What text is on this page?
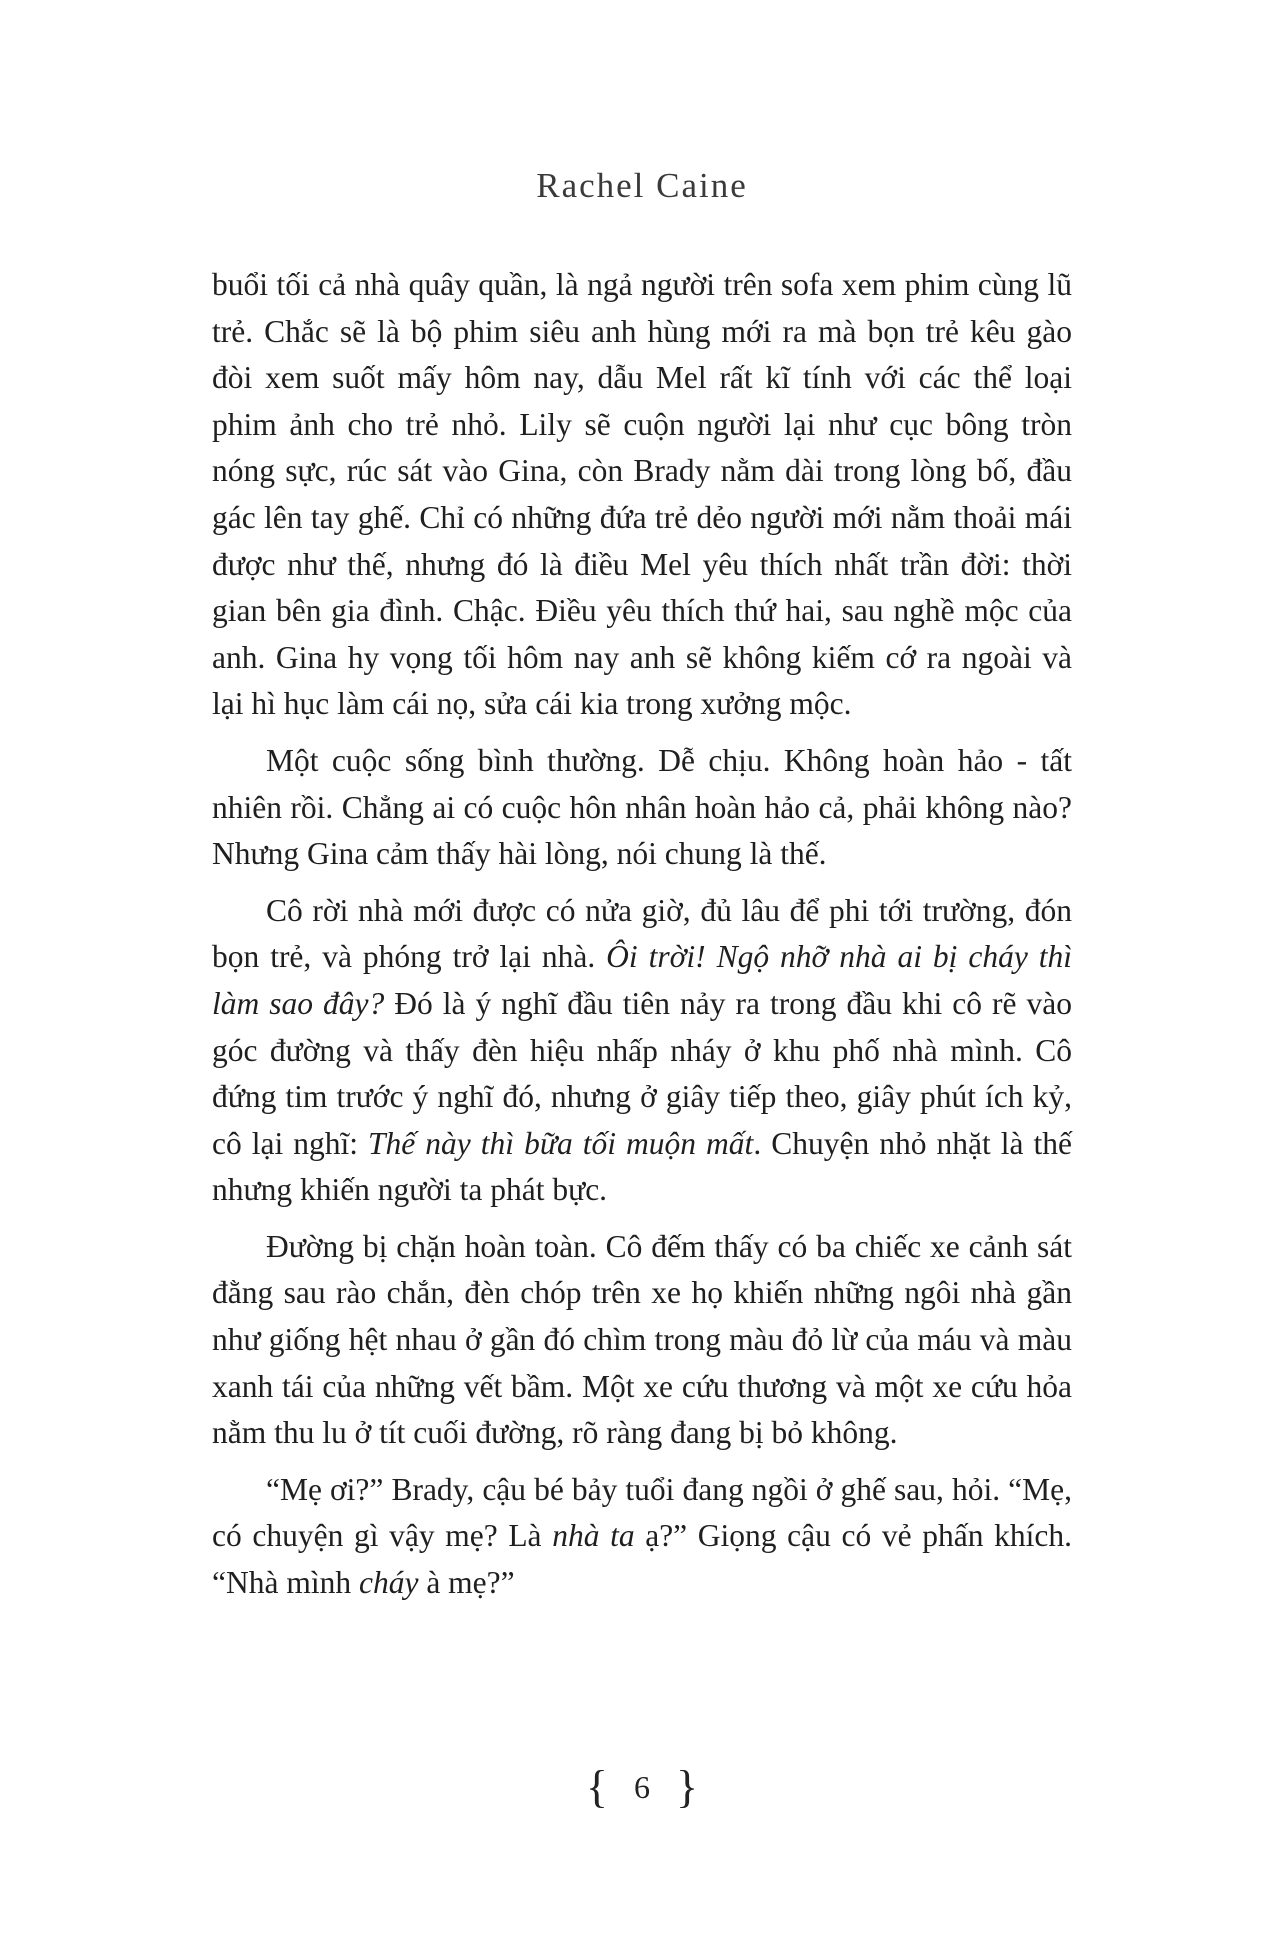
Rachel Caine

buổi tối cả nhà quây quần, là ngả người trên sofa xem phim cùng lũ trẻ. Chắc sẽ là bộ phim siêu anh hùng mới ra mà bọn trẻ kêu gào đòi xem suốt mấy hôm nay, dẫu Mel rất kĩ tính với các thể loại phim ảnh cho trẻ nhỏ. Lily sẽ cuộn người lại như cục bông tròn nóng sực, rúc sát vào Gina, còn Brady nằm dài trong lòng bố, đầu gác lên tay ghế. Chỉ có những đứa trẻ dẻo người mới nằm thoải mái được như thế, nhưng đó là điều Mel yêu thích nhất trần đời: thời gian bên gia đình. Chậc. Điều yêu thích thứ hai, sau nghề mộc của anh. Gina hy vọng tối hôm nay anh sẽ không kiếm cớ ra ngoài và lại hì hục làm cái nọ, sửa cái kia trong xưởng mộc.

Một cuộc sống bình thường. Dễ chịu. Không hoàn hảo - tất nhiên rồi. Chẳng ai có cuộc hôn nhân hoàn hảo cả, phải không nào? Nhưng Gina cảm thấy hài lòng, nói chung là thế.

Cô rời nhà mới được có nửa giờ, đủ lâu để phi tới trường, đón bọn trẻ, và phóng trở lại nhà. Ôi trời! Ngộ nhỡ nhà ai bị cháy thì làm sao đây? Đó là ý nghĩ đầu tiên nảy ra trong đầu khi cô rẽ vào góc đường và thấy đèn hiệu nhấp nháy ở khu phố nhà mình. Cô đứng tim trước ý nghĩ đó, nhưng ở giây tiếp theo, giây phút ích kỷ, cô lại nghĩ: Thế này thì bữa tối muộn mất. Chuyện nhỏ nhặt là thế nhưng khiến người ta phát bực.

Đường bị chặn hoàn toàn. Cô đếm thấy có ba chiếc xe cảnh sát đằng sau rào chắn, đèn chóp trên xe họ khiến những ngôi nhà gần như giống hệt nhau ở gần đó chìm trong màu đỏ lừ của máu và màu xanh tái của những vết bầm. Một xe cứu thương và một xe cứu hỏa nằm thu lu ở tít cuối đường, rõ ràng đang bị bỏ không.

“Mẹ ơi?” Brady, cậu bé bảy tuổi đang ngồi ở ghế sau, hỏi. “Mẹ, có chuyện gì vậy mẹ? Là nhà ta ạ?” Giọng cậu có vẻ phấn khích. “Nhà mình cháy à mẹ?”

{ 6 }
